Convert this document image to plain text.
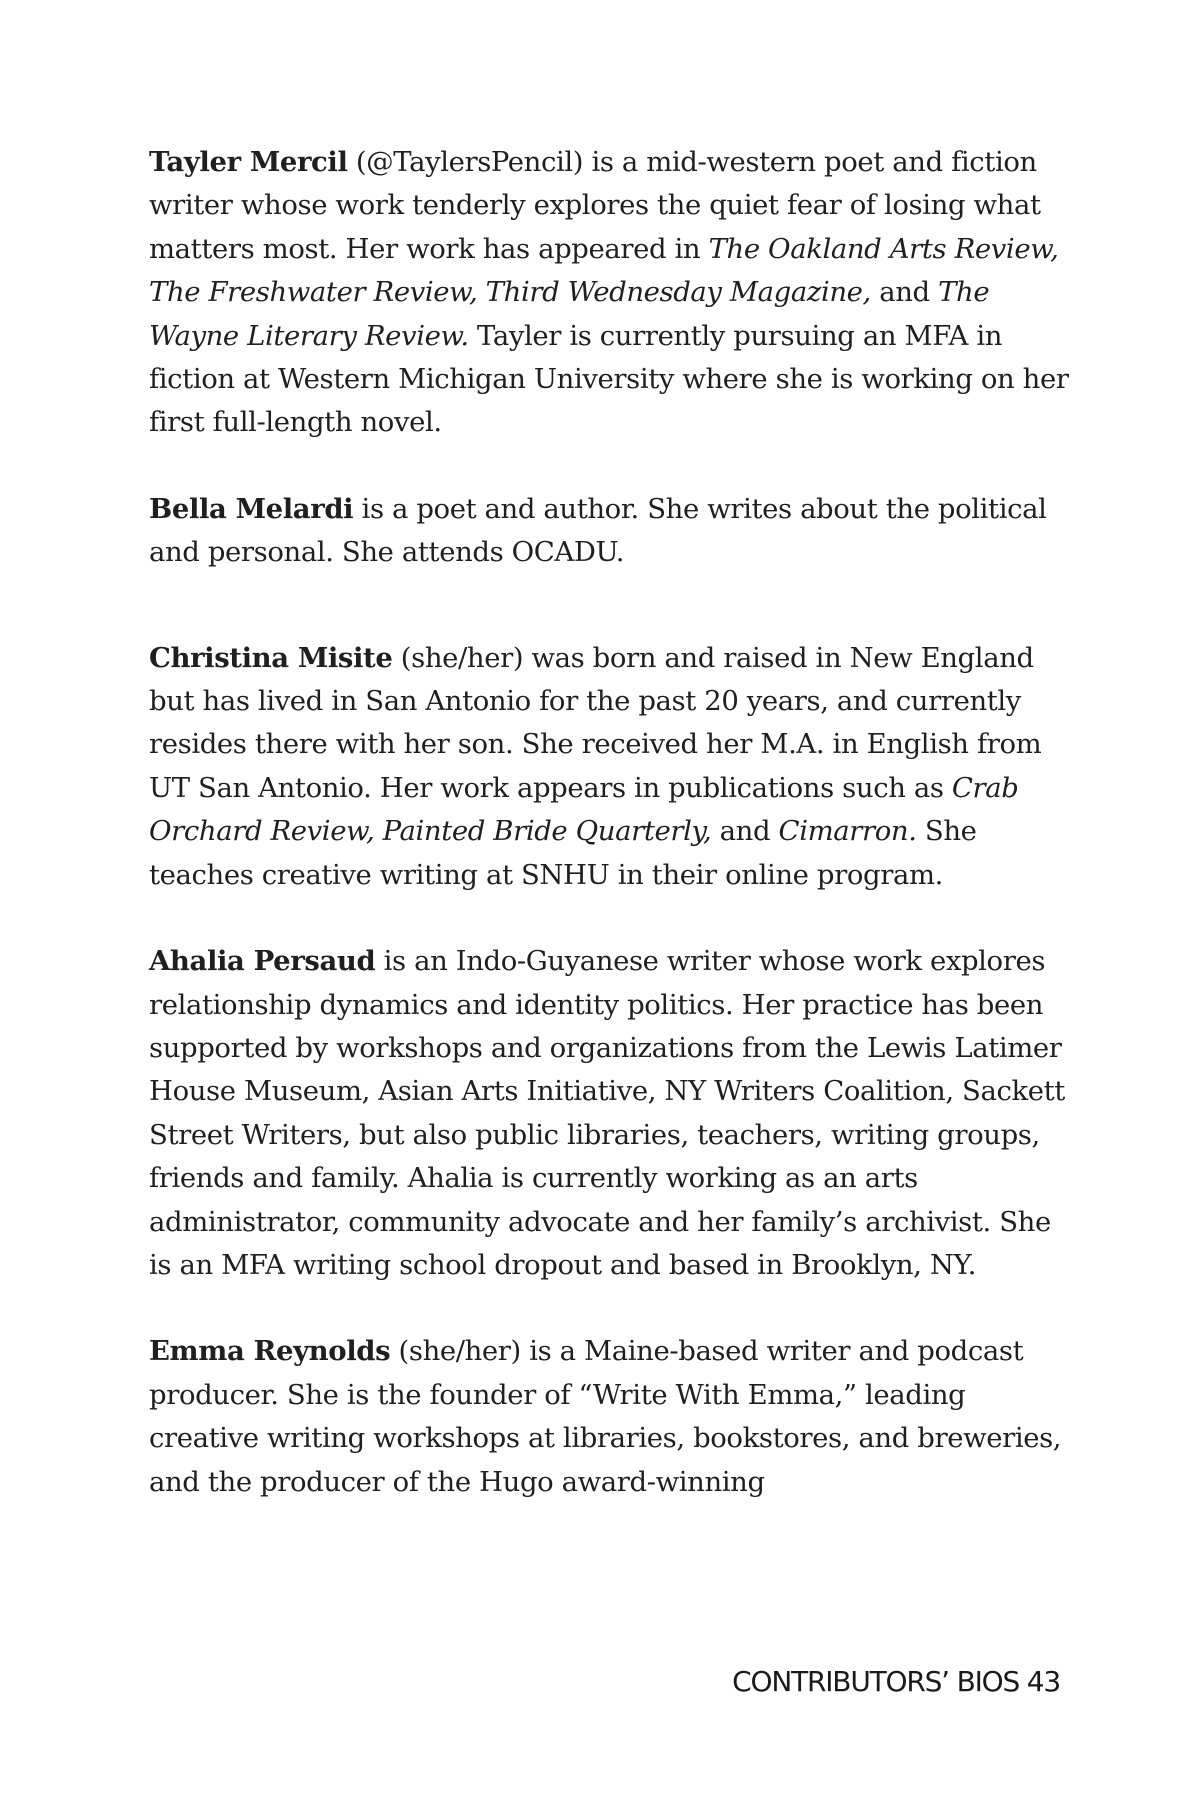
Tayler Mercil (@TaylersPencil) is a mid-western poet and fiction writer whose work tenderly explores the quiet fear of losing what matters most. Her work has appeared in The Oakland Arts Review, The Freshwater Review, Third Wednesday Magazine, and The Wayne Literary Review. Tayler is currently pursuing an MFA in fiction at Western Michigan University where she is working on her first full-length novel.

Bella Melardi is a poet and author. She writes about the political and personal. She attends OCADU.

Christina Misite (she/her) was born and raised in New England but has lived in San Antonio for the past 20 years, and currently resides there with her son. She received her M.A. in English from UT San Antonio. Her work appears in publications such as Crab Orchard Review, Painted Bride Quarterly, and Cimarron. She teaches creative writing at SNHU in their online program.

Ahalia Persaud is an Indo-Guyanese writer whose work explores relationship dynamics and identity politics. Her practice has been supported by workshops and organizations from the Lewis Latimer House Museum, Asian Arts Initiative, NY Writers Coalition, Sackett Street Writers, but also public libraries, teachers, writing groups, friends and family. Ahalia is currently working as an arts administrator, community advocate and her family’s archivist. She is an MFA writing school dropout and based in Brooklyn, NY.

Emma Reynolds (she/her) is a Maine-based writer and podcast producer. She is the founder of “Write With Emma,” leading creative writing workshops at libraries, bookstores, and breweries, and the producer of the Hugo award-winning

CONTRIBUTORS’ BIOS 43
